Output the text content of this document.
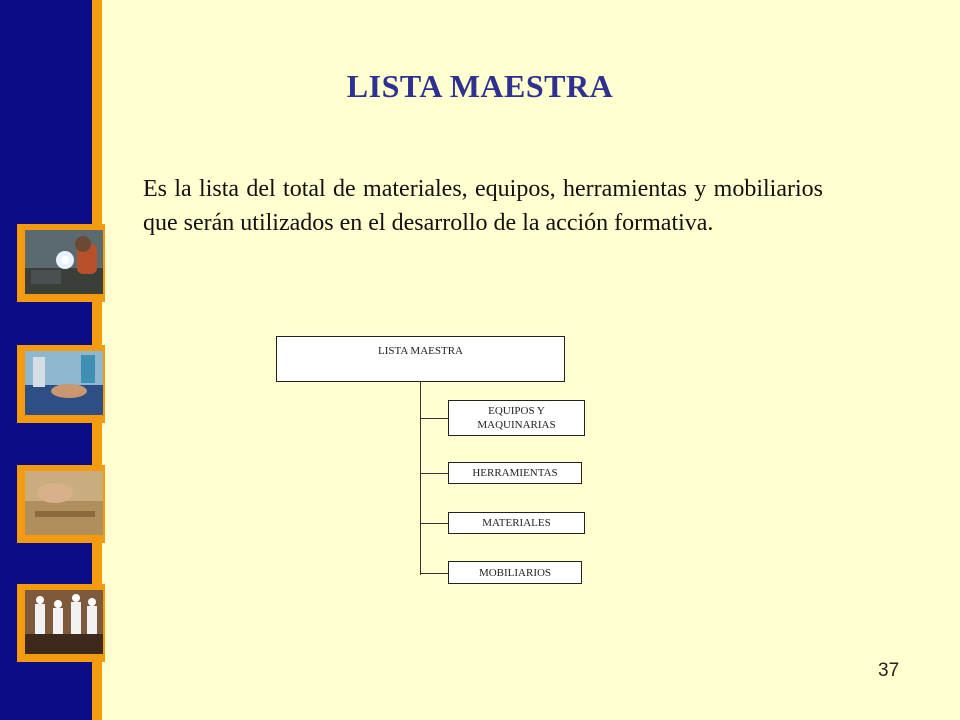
LISTA MAESTRA

Es la lista del total de materiales, equipos, herramientas y mobiliarios que serán utilizados en el desarrollo de la acción formativa.

LISTA MAESTRA
EQUIPOS Y MAQUINARIAS
HERRAMIENTAS
MATERIALES
MOBILIARIOS
37
